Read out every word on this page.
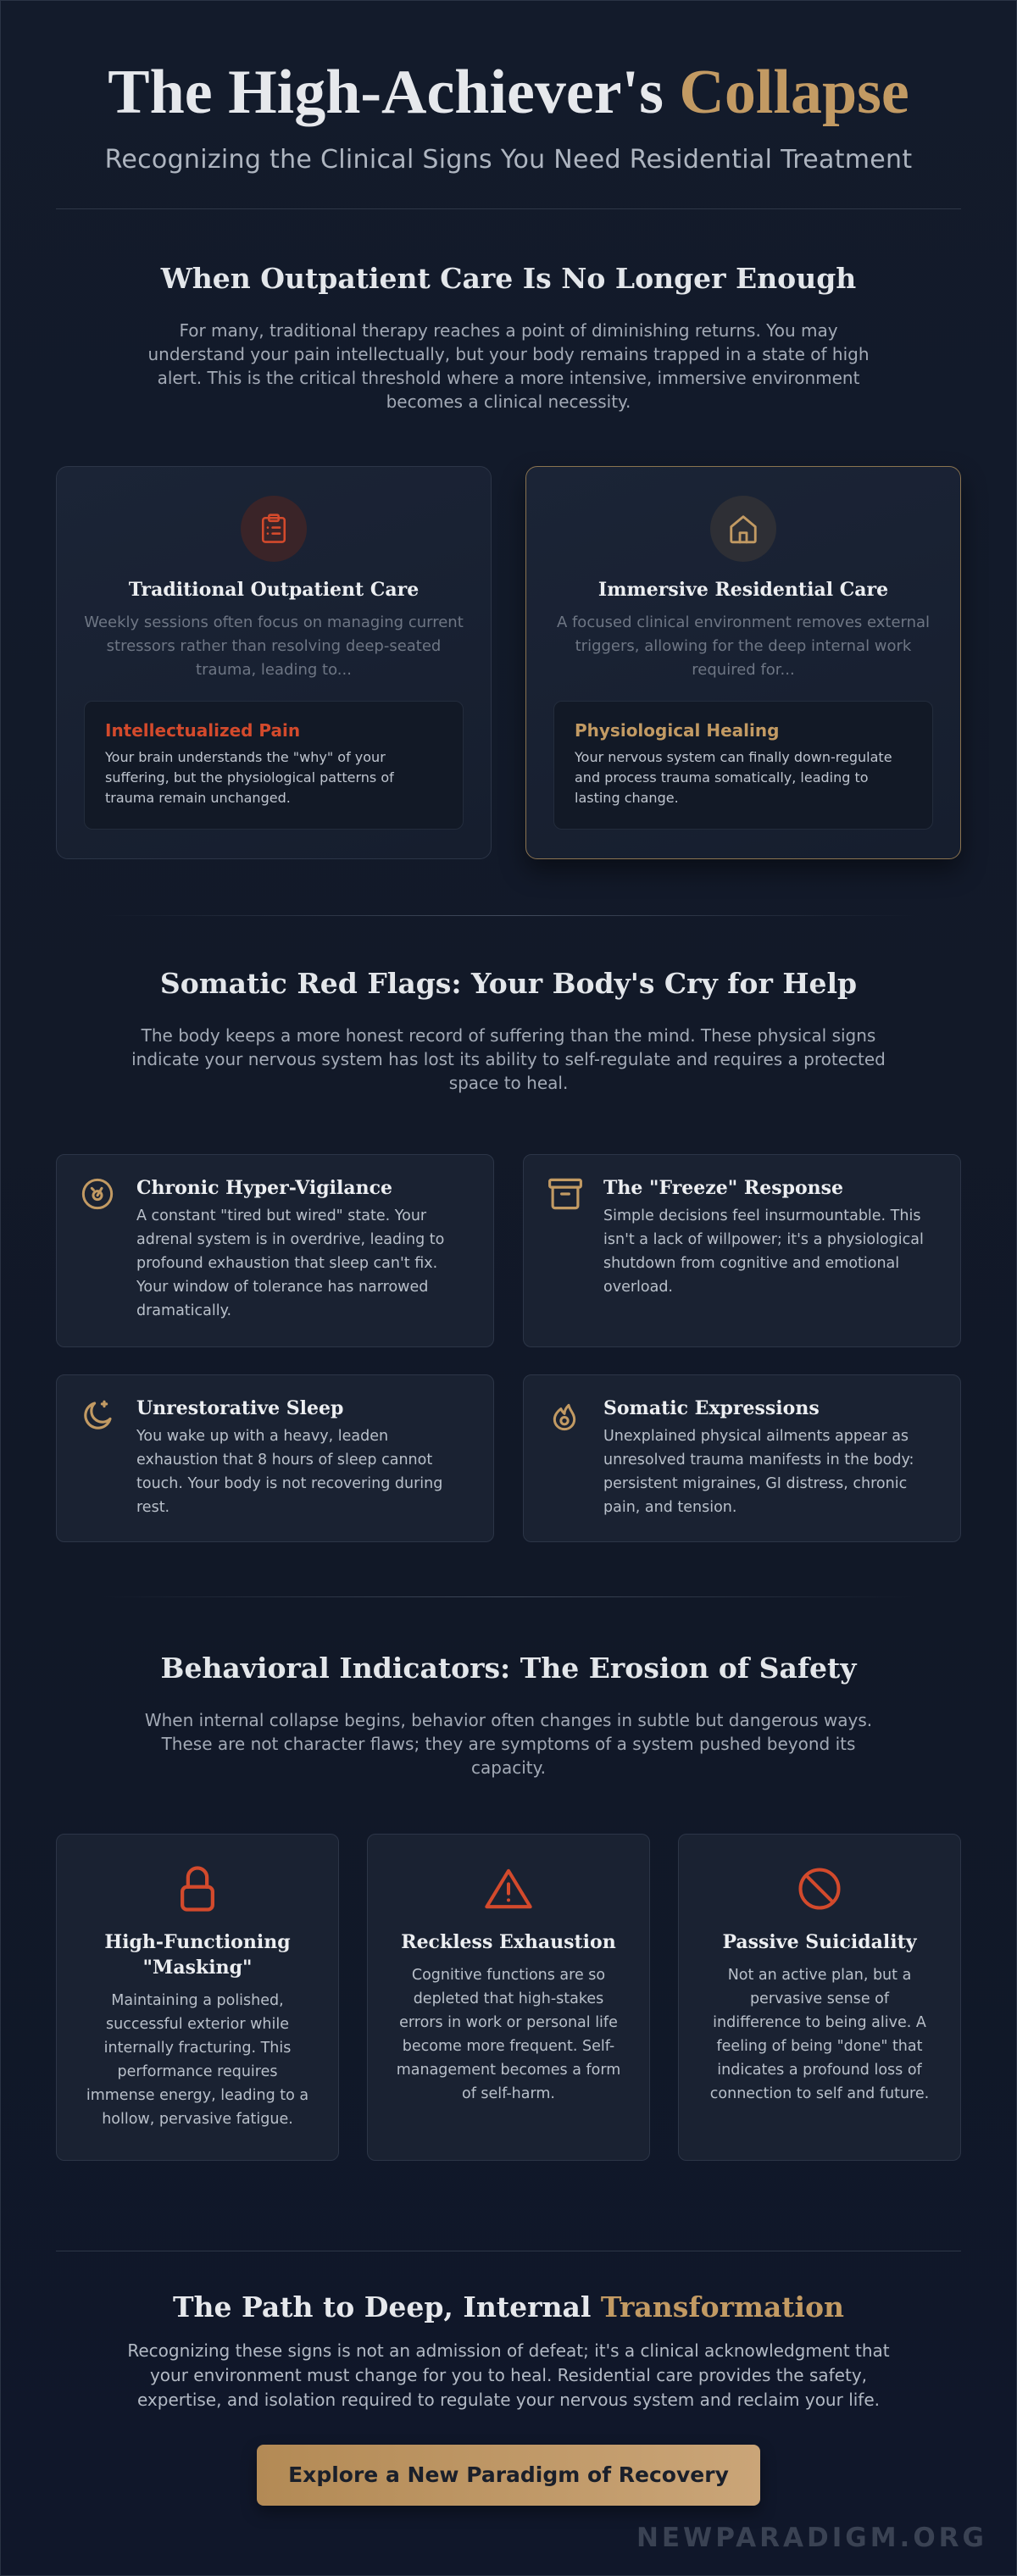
The High-Achiever's Collapse
Recognizing the Clinical Signs You Need Residential Treatment
When Outpatient Care Is No Longer Enough

For many, traditional therapy reaches a point of diminishing returns. You may understand your pain intellectually, but your body remains trapped in a state of high alert. This is the critical threshold where a more intensive, immersive environment becomes a clinical necessity.

Traditional Outpatient Care

Weekly sessions often focus on managing current stressors rather than resolving deep-seated trauma, leading to...

Intellectualized Pain

Your brain understands the "why" of your suffering, but the physiological patterns of trauma remain unchanged.

Immersive Residential Care

A focused clinical environment removes external triggers, allowing for the deep internal work required for...

Physiological Healing

Your nervous system can finally down-regulate and process trauma somatically, leading to lasting change.

Somatic Red Flags: Your Body's Cry for Help

The body keeps a more honest record of suffering than the mind. These physical signs indicate your nervous system has lost its ability to self-regulate and requires a protected space to heal.

Chronic Hyper-Vigilance

A constant "tired but wired" state. Your adrenal system is in overdrive, leading to profound exhaustion that sleep can't fix. Your window of tolerance has narrowed dramatically.

The "Freeze" Response

Simple decisions feel insurmountable. This isn't a lack of willpower; it's a physiological shutdown from cognitive and emotional overload.

Unrestorative Sleep

You wake up with a heavy, leaden exhaustion that 8 hours of sleep cannot touch. Your body is not recovering during rest.

Somatic Expressions

Unexplained physical ailments appear as unresolved trauma manifests in the body: persistent migraines, GI distress, chronic pain, and tension.

Behavioral Indicators: The Erosion of Safety

When internal collapse begins, behavior often changes in subtle but dangerous ways. These are not character flaws; they are symptoms of a system pushed beyond its capacity.

High-Functioning "Masking"

Maintaining a polished, successful exterior while internally fracturing. This performance requires immense energy, leading to a hollow, pervasive fatigue.

Reckless Exhaustion

Cognitive functions are so depleted that high-stakes errors in work or personal life become more frequent. Self-management becomes a form of self-harm.

Passive Suicidality

Not an active plan, but a pervasive sense of indifference to being alive. A feeling of being "done" that indicates a profound loss of connection to self and future.

The Path to Deep, Internal Transformation

Recognizing these signs is not an admission of defeat; it's a clinical acknowledgment that your environment must change for you to heal. Residential care provides the safety, expertise, and isolation required to regulate your nervous system and reclaim your life.

Explore a New Paradigm of Recovery
NEWPARADIGM.ORG
